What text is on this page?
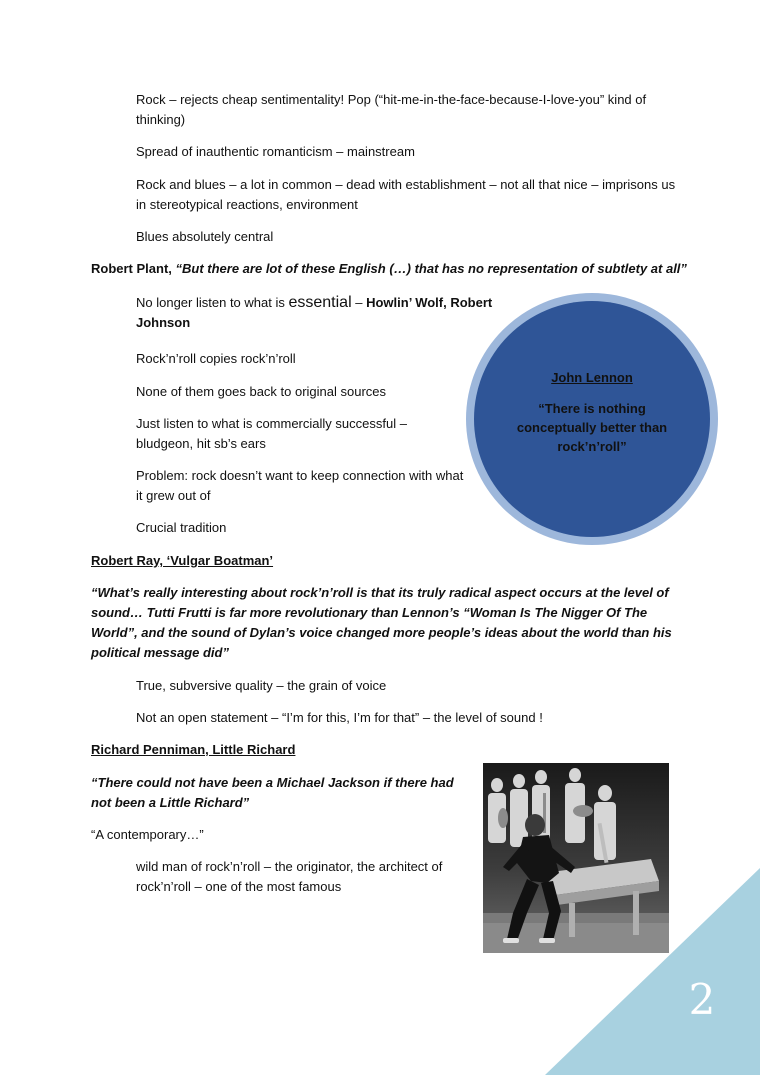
Rock – rejects cheap sentimentality! Pop (“hit-me-in-the-face-because-I-love-you” kind of thinking)

Spread of inauthentic romanticism – mainstream

Rock and blues – a lot in common – dead with establishment – not all that nice – imprisons us in stereotypical reactions, environment

Blues absolutely central

Robert Plant, “But there are lot of these English (…) that has no representation of subtlety at all”

No longer listen to what is essential – Howlin’ Wolf, Robert Johnson

Rock’n’roll copies rock’n’roll

None of them goes back to original sources

Just listen to what is commercially successful – bludgeon, hit sb’s ears

Problem: rock doesn’t want to keep connection with what it grew out of

Crucial tradition

John Lennon
“There is nothing conceptually better than rock’n’roll”

Robert Ray, ‘Vulgar Boatman’

“What’s really interesting about rock’n’roll is that its truly radical aspect occurs at the level of sound… Tutti Frutti is far more revolutionary than Lennon’s “Woman Is The Nigger Of The World”, and the sound of Dylan’s voice changed more people’s ideas about the world than his political message did”

True, subversive quality – the grain of voice

Not an open statement – “I’m for this, I’m for that” – the level of sound !

Richard Penniman, Little Richard

“There could not have been a Michael Jackson if there had not been a Little Richard”

“A contemporary…”

wild man of rock’n’roll – the originator, the architect of rock’n’roll – one of the most famous

2
